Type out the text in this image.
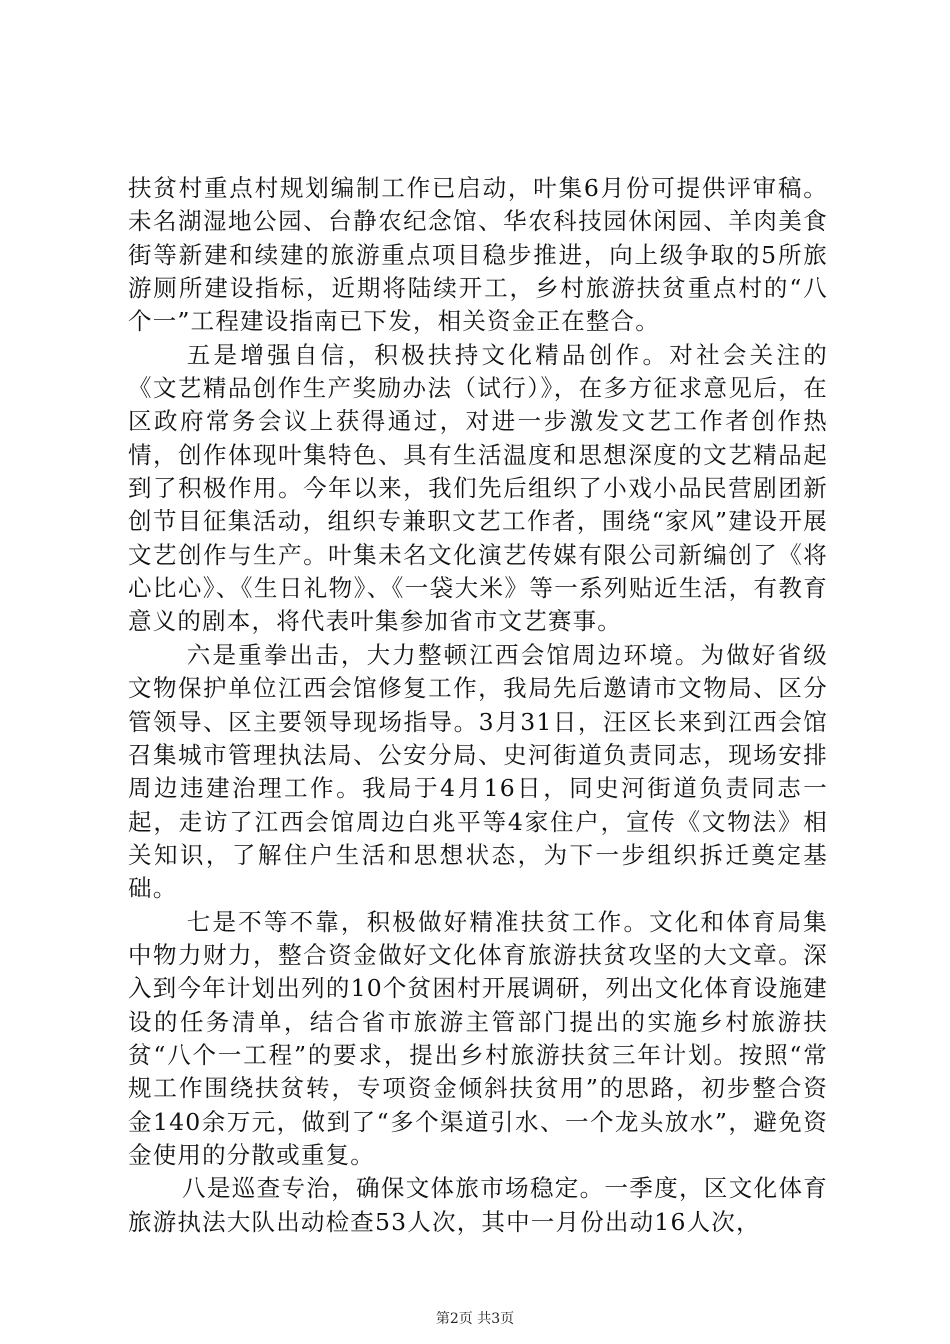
扶贫村重点村规划编制工作已启动，叶集6月份可提供评审稿。未名湖湿地公园、台静农纪念馆、华农科技园休闲园、羊肉美食街等新建和续建的旅游重点项目稳步推进，向上级争取的5所旅游厕所建设指标，近期将陆续开工，乡村旅游扶贫重点村的“八个一”工程建设指南已下发，相关资金正在整合。

五是增强自信，积极扶持文化精品创作。对社会关注的《文艺精品创作生产奖励办法（试行）》，在多方征求意见后，在区政府常务会议上获得通过，对进一步激发文艺工作者创作热情，创作体现叶集特色、具有生活温度和思想深度的文艺精品起到了积极作用。今年以来，我们先后组织了小戏小品民营剧团新创节目征集活动，组织专兼职文艺工作者，围绕“家风”建设开展文艺创作与生产。叶集未名文化演艺传媒有限公司新编创了《将心比心》、《生日礼物》、《一袋大米》等一系列贴近生活，有教育意义的剧本，将代表叶集参加省市文艺赛事。

六是重拳出击，大力整顿江西会馆周边环境。为做好省级文物保护单位江西会馆修复工作，我局先后邀请市文物局、区分管领导、区主要领导现场指导。3月31日，汪区长来到江西会馆召集城市管理执法局、公安分局、史河街道负责同志，现场安排周边违建治理工作。我局于4月16日，同史河街道负责同志一起，走访了江西会馆周边白兆平等4家住户，宣传《文物法》相关知识，了解住户生活和思想状态，为下一步组织拆迁奠定基础。

七是不等不靠，积极做好精准扶贫工作。文化和体育局集中物力财力，整合资金做好文化体育旅游扶贫攻坚的大文章。深入到今年计划出列的10个贫困村开展调研，列出文化体育设施建设的任务清单，结合省市旅游主管部门提出的实施乡村旅游扶贫“八个一工程”的要求，提出乡村旅游扶贫三年计划。按照“常规工作围绕扶贫转，专项资金倾斜扶贫用”的思路，初步整合资金140余万元，做到了“多个渠道引水、一个龙头放水”，避免资金使用的分散或重复。

八是巡查专治，确保文体旅市场稳定。一季度，区文化体育旅游执法大队出动检查53人次，其中一月份出动16人次，

第2页 共3页
